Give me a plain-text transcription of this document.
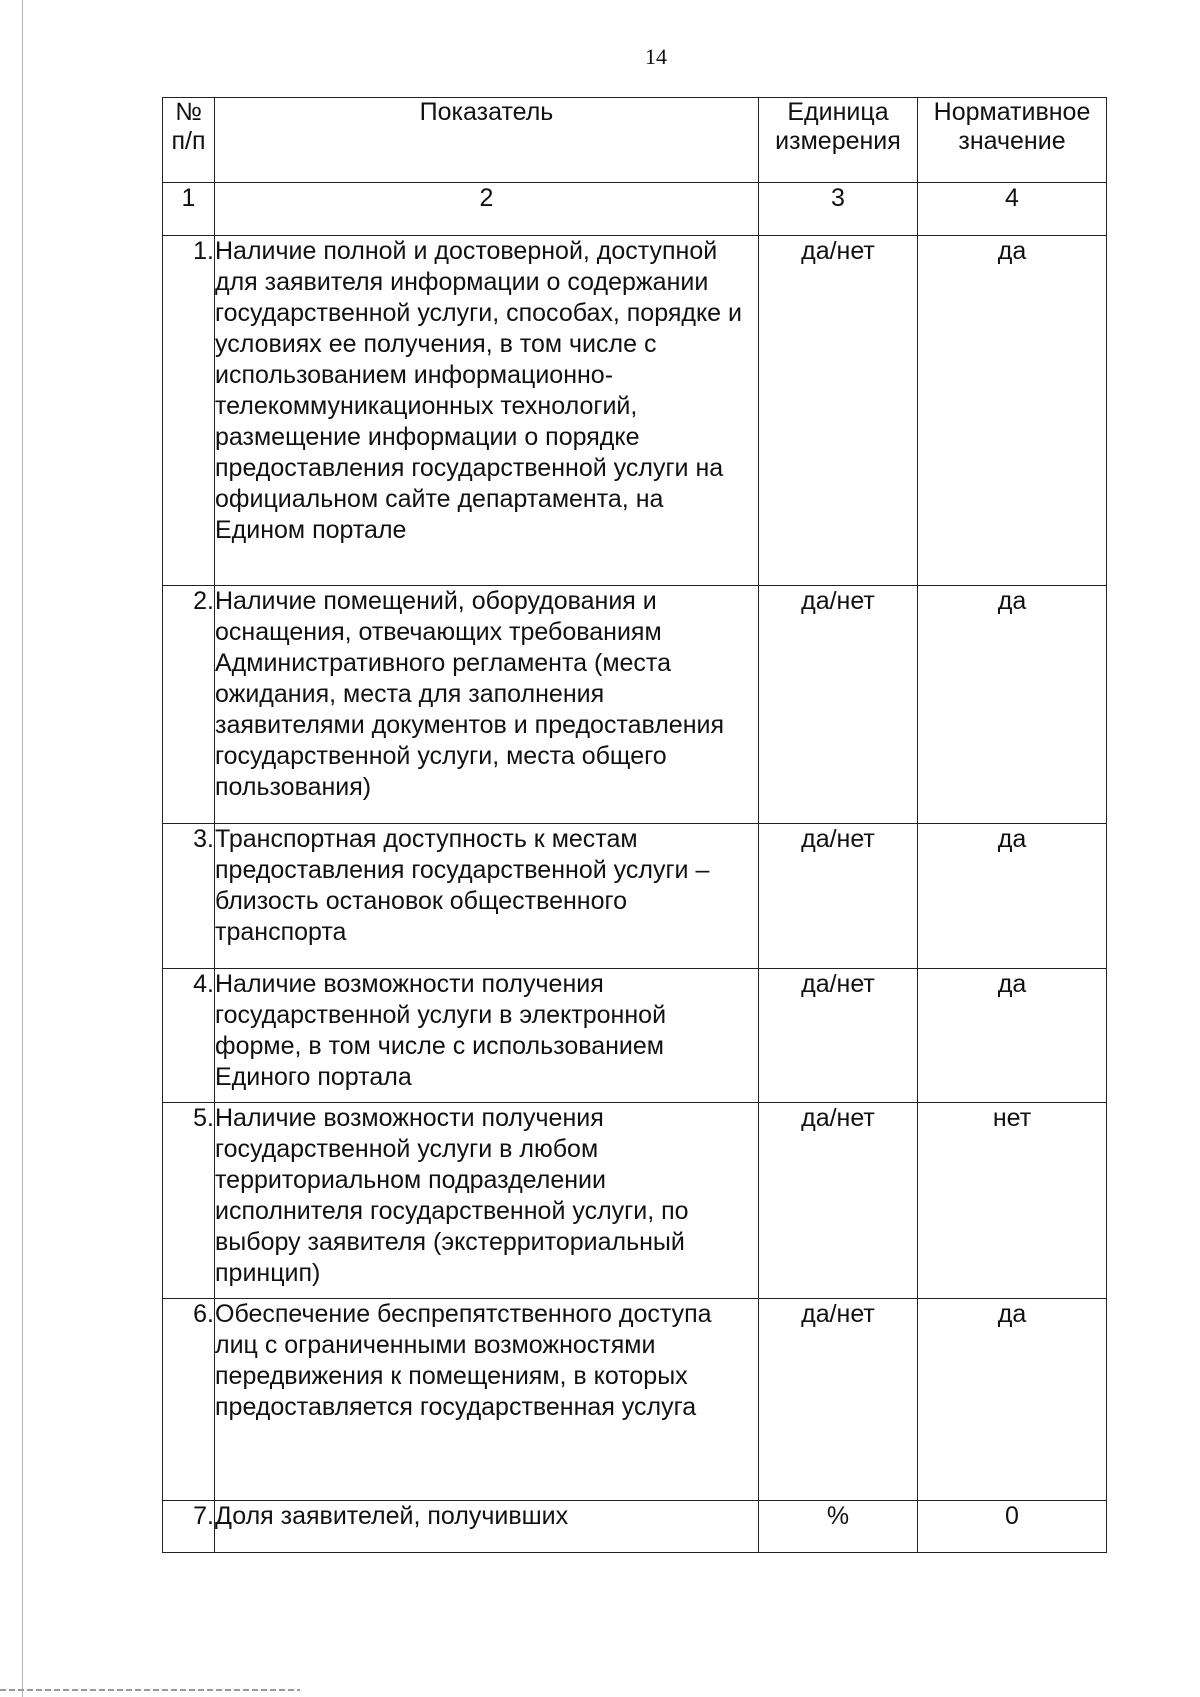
14
№ п/п	Показатель	Единица измерения	Нормативное значение
1	2	3	4
1.	Наличие полной и достоверной, доступной для заявителя информации о содержании государственной услуги, способах, порядке и условиях ее получения, в том числе с использованием информационно-телекоммуникационных технологий, размещение информации о порядке предоставления государственной услуги на официальном сайте департамента, на Едином портале	да/нет	да
2.	Наличие помещений, оборудования и оснащения, отвечающих требованиям Административного регламента (места ожидания, места для заполнения заявителями документов и предоставления государственной услуги, места общего пользования)	да/нет	да
3.	Транспортная доступность к местам предоставления государственной услуги – близость остановок общественного транспорта	да/нет	да
4.	Наличие возможности получения государственной услуги в электронной форме, в том числе с использованием Единого портала	да/нет	да
5.	Наличие возможности получения государственной услуги в любом территориальном подразделении исполнителя государственной услуги, по выбору заявителя (экстерриториальный принцип)	да/нет	нет
6.	Обеспечение беспрепятственного доступа лиц с ограниченными возможностями передвижения к помещениям, в которых предоставляется государственная услуга	да/нет	да
7.	Доля заявителей, получивших	%	0
